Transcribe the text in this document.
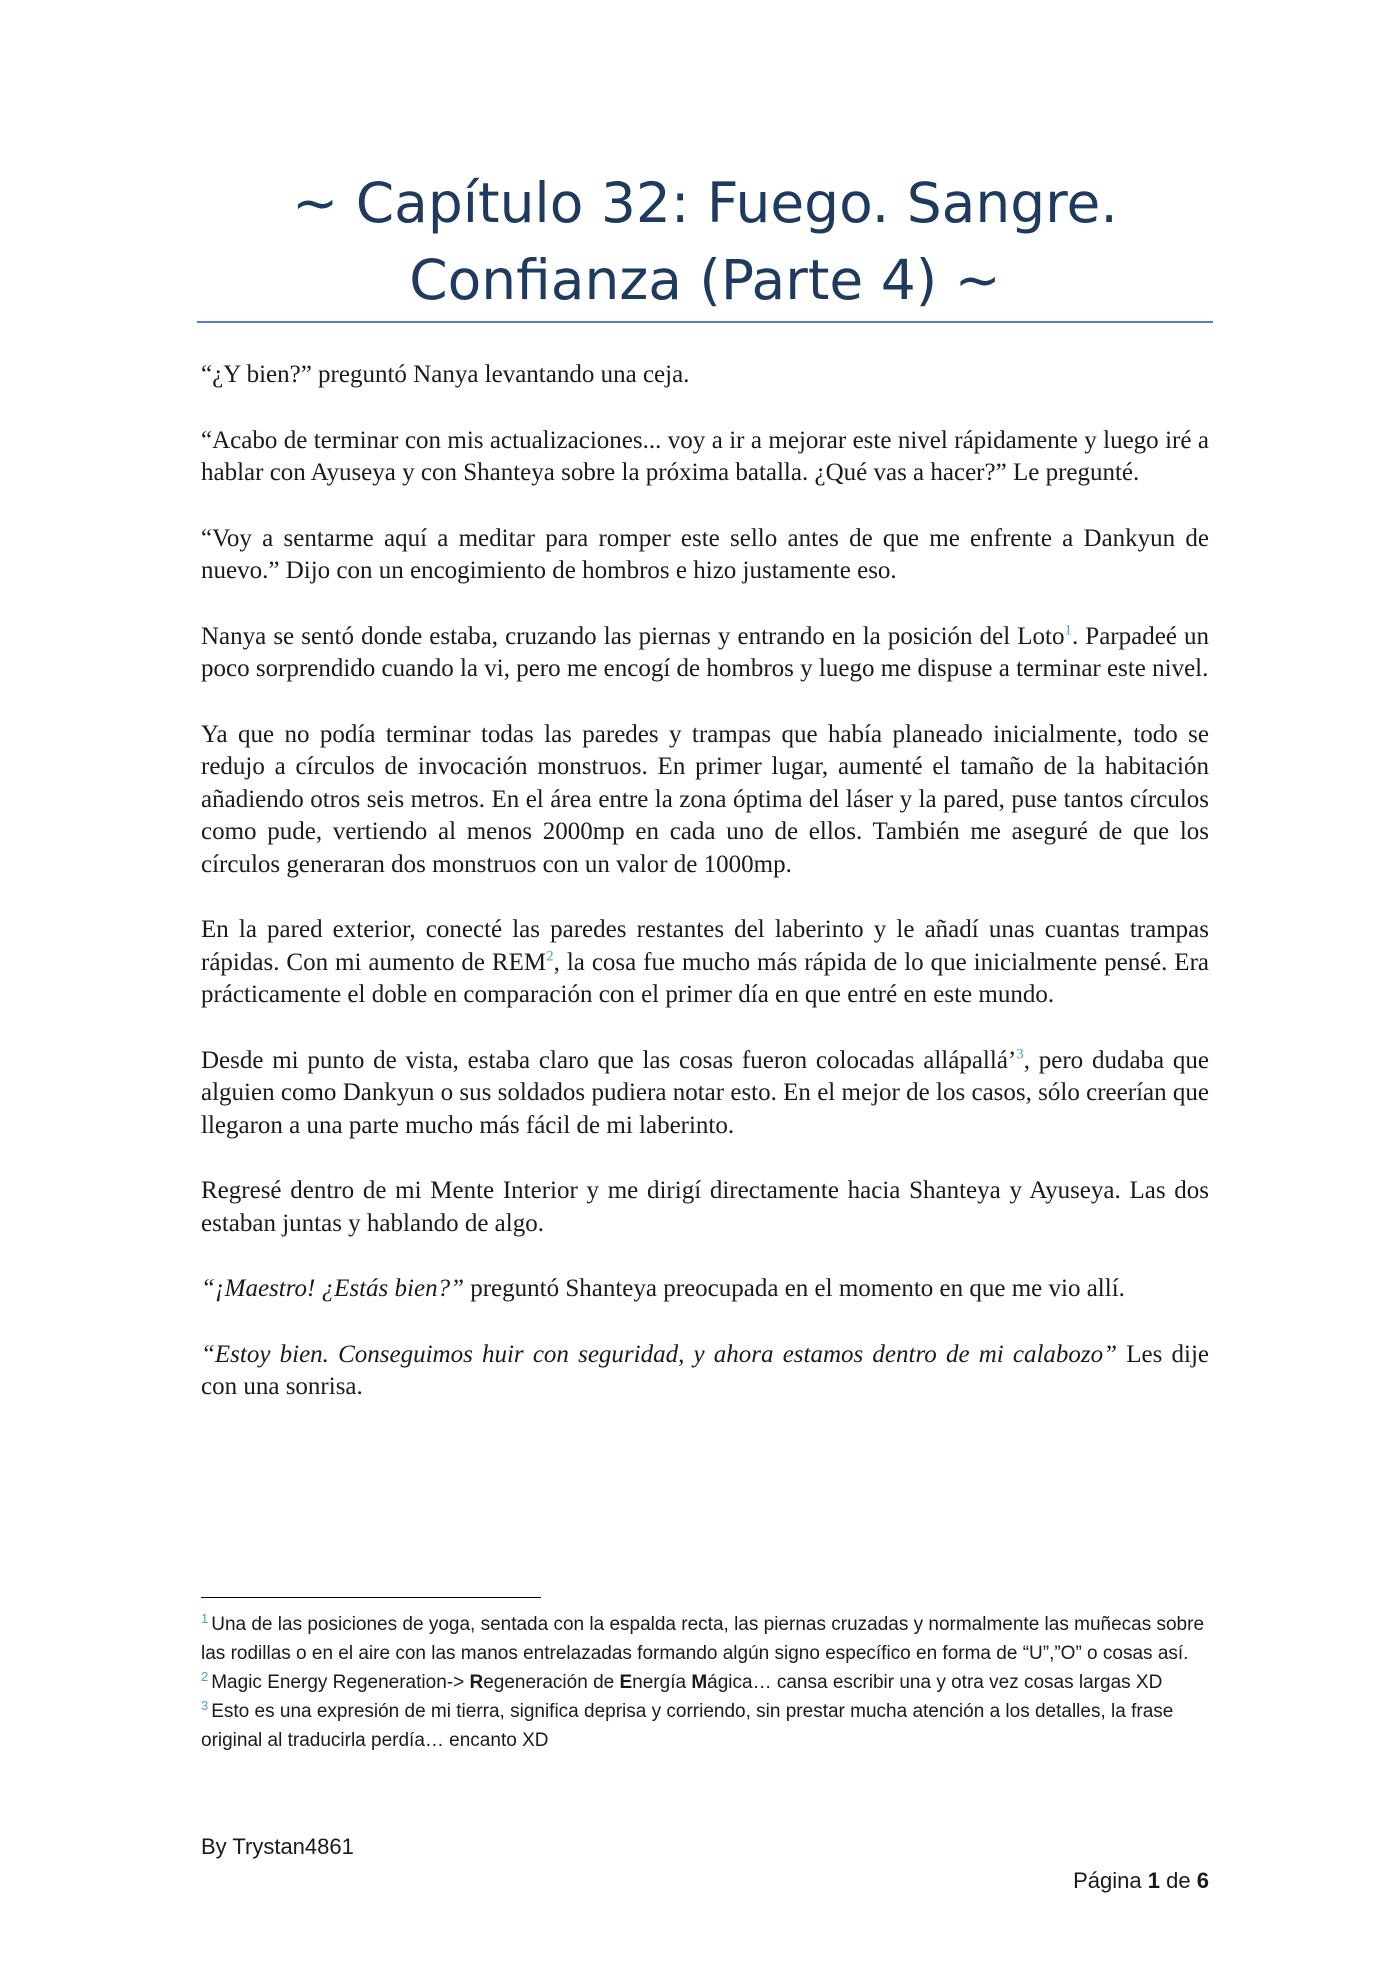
~ Capítulo 32: Fuego. Sangre.
Confianza (Parte 4) ~

“¿Y bien?” preguntó Nanya levantando una ceja.

“Acabo de terminar con mis actualizaciones... voy a ir a mejorar este nivel rápidamente y luego iré a hablar con Ayuseya y con Shanteya sobre la próxima batalla. ¿Qué vas a hacer?” Le pregunté.

“Voy a sentarme aquí a meditar para romper este sello antes de que me enfrente a Dankyun de nuevo.” Dijo con un encogimiento de hombros e hizo justamente eso.

Nanya se sentó donde estaba, cruzando las piernas y entrando en la posición del Loto$^1$. Parpadeé un poco sorprendido cuando la vi, pero me encogí de hombros y luego me dispuse a terminar este nivel.

Ya que no podía terminar todas las paredes y trampas que había planeado inicialmente, todo se redujo a círculos de invocación monstruos. En primer lugar, aumenté el tamaño de la habitación añadiendo otros seis metros. En el área entre la zona óptima del láser y la pared, puse tantos círculos como pude, vertiendo al menos 2000mp en cada uno de ellos. También me aseguré de que los círculos generaran dos monstruos con un valor de 1000mp.

En la pared exterior, conecté las paredes restantes del laberinto y le añadí unas cuantas trampas rápidas. Con mi aumento de REM$^2$, la cosa fue mucho más rápida de lo que inicialmente pensé. Era prácticamente el doble en comparación con el primer día en que entré en este mundo.

Desde mi punto de vista, estaba claro que las cosas fueron colocadas allápallá’$^3$, pero dudaba que alguien como Dankyun o sus soldados pudiera notar esto. En el mejor de los casos, sólo creerían que llegaron a una parte mucho más fácil de mi laberinto.

Regresé dentro de mi Mente Interior y me dirigí directamente hacia Shanteya y Ayuseya. Las dos estaban juntas y hablando de algo.

“¡Maestro! ¿Estás bien?” preguntó Shanteya preocupada en el momento en que me vio allí.

“Estoy bien. Conseguimos huir con seguridad, y ahora estamos dentro de mi calabozo” Les dije con una sonrisa.

$^1$ Una de las posiciones de yoga, sentada con la espalda recta, las piernas cruzadas y normalmente las muñecas sobre las rodillas o en el aire con las manos entrelazadas formando algún signo específico en forma de “U”,”O” o cosas así.

$^2$ Magic Energy Regeneration-> Regeneración de Energía Mágica… cansa escribir una y otra vez cosas largas XD

$^3$ Esto es una expresión de mi tierra, significa deprisa y corriendo, sin prestar mucha atención a los detalles, la frase original al traducirla perdía… encanto XD

By Trystan4861
Página 1 de 6
